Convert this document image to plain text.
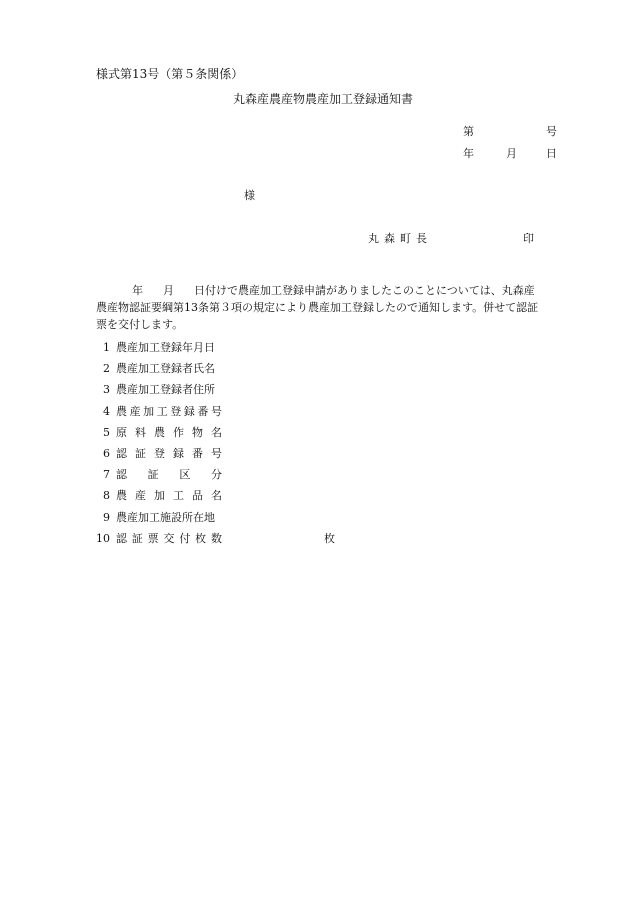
様式第13号（第５条関係）
丸森産農産物農産加工登録通知書
第	号
年	月	日
様
丸森町長	印
年 月 日付けで農産加工登録申請がありましたこのことについては、丸森産
農産物認証要綱第13条第３項の規定により農産加工登録したので通知します。併せて認証
票を交付します。
1 農産加工登録年月日
2 農産加工登録者氏名
3 農産加工登録者住所
4 農 産 加 工 登 録 番 号
5 原 料 農 作 物 名
6 認 証 登 録 番 号
7 認 証 区 分
8 農 産 加 工 品 名
9 農産加工施設所在地
10 認 証 票 交 付 枚 数	枚
